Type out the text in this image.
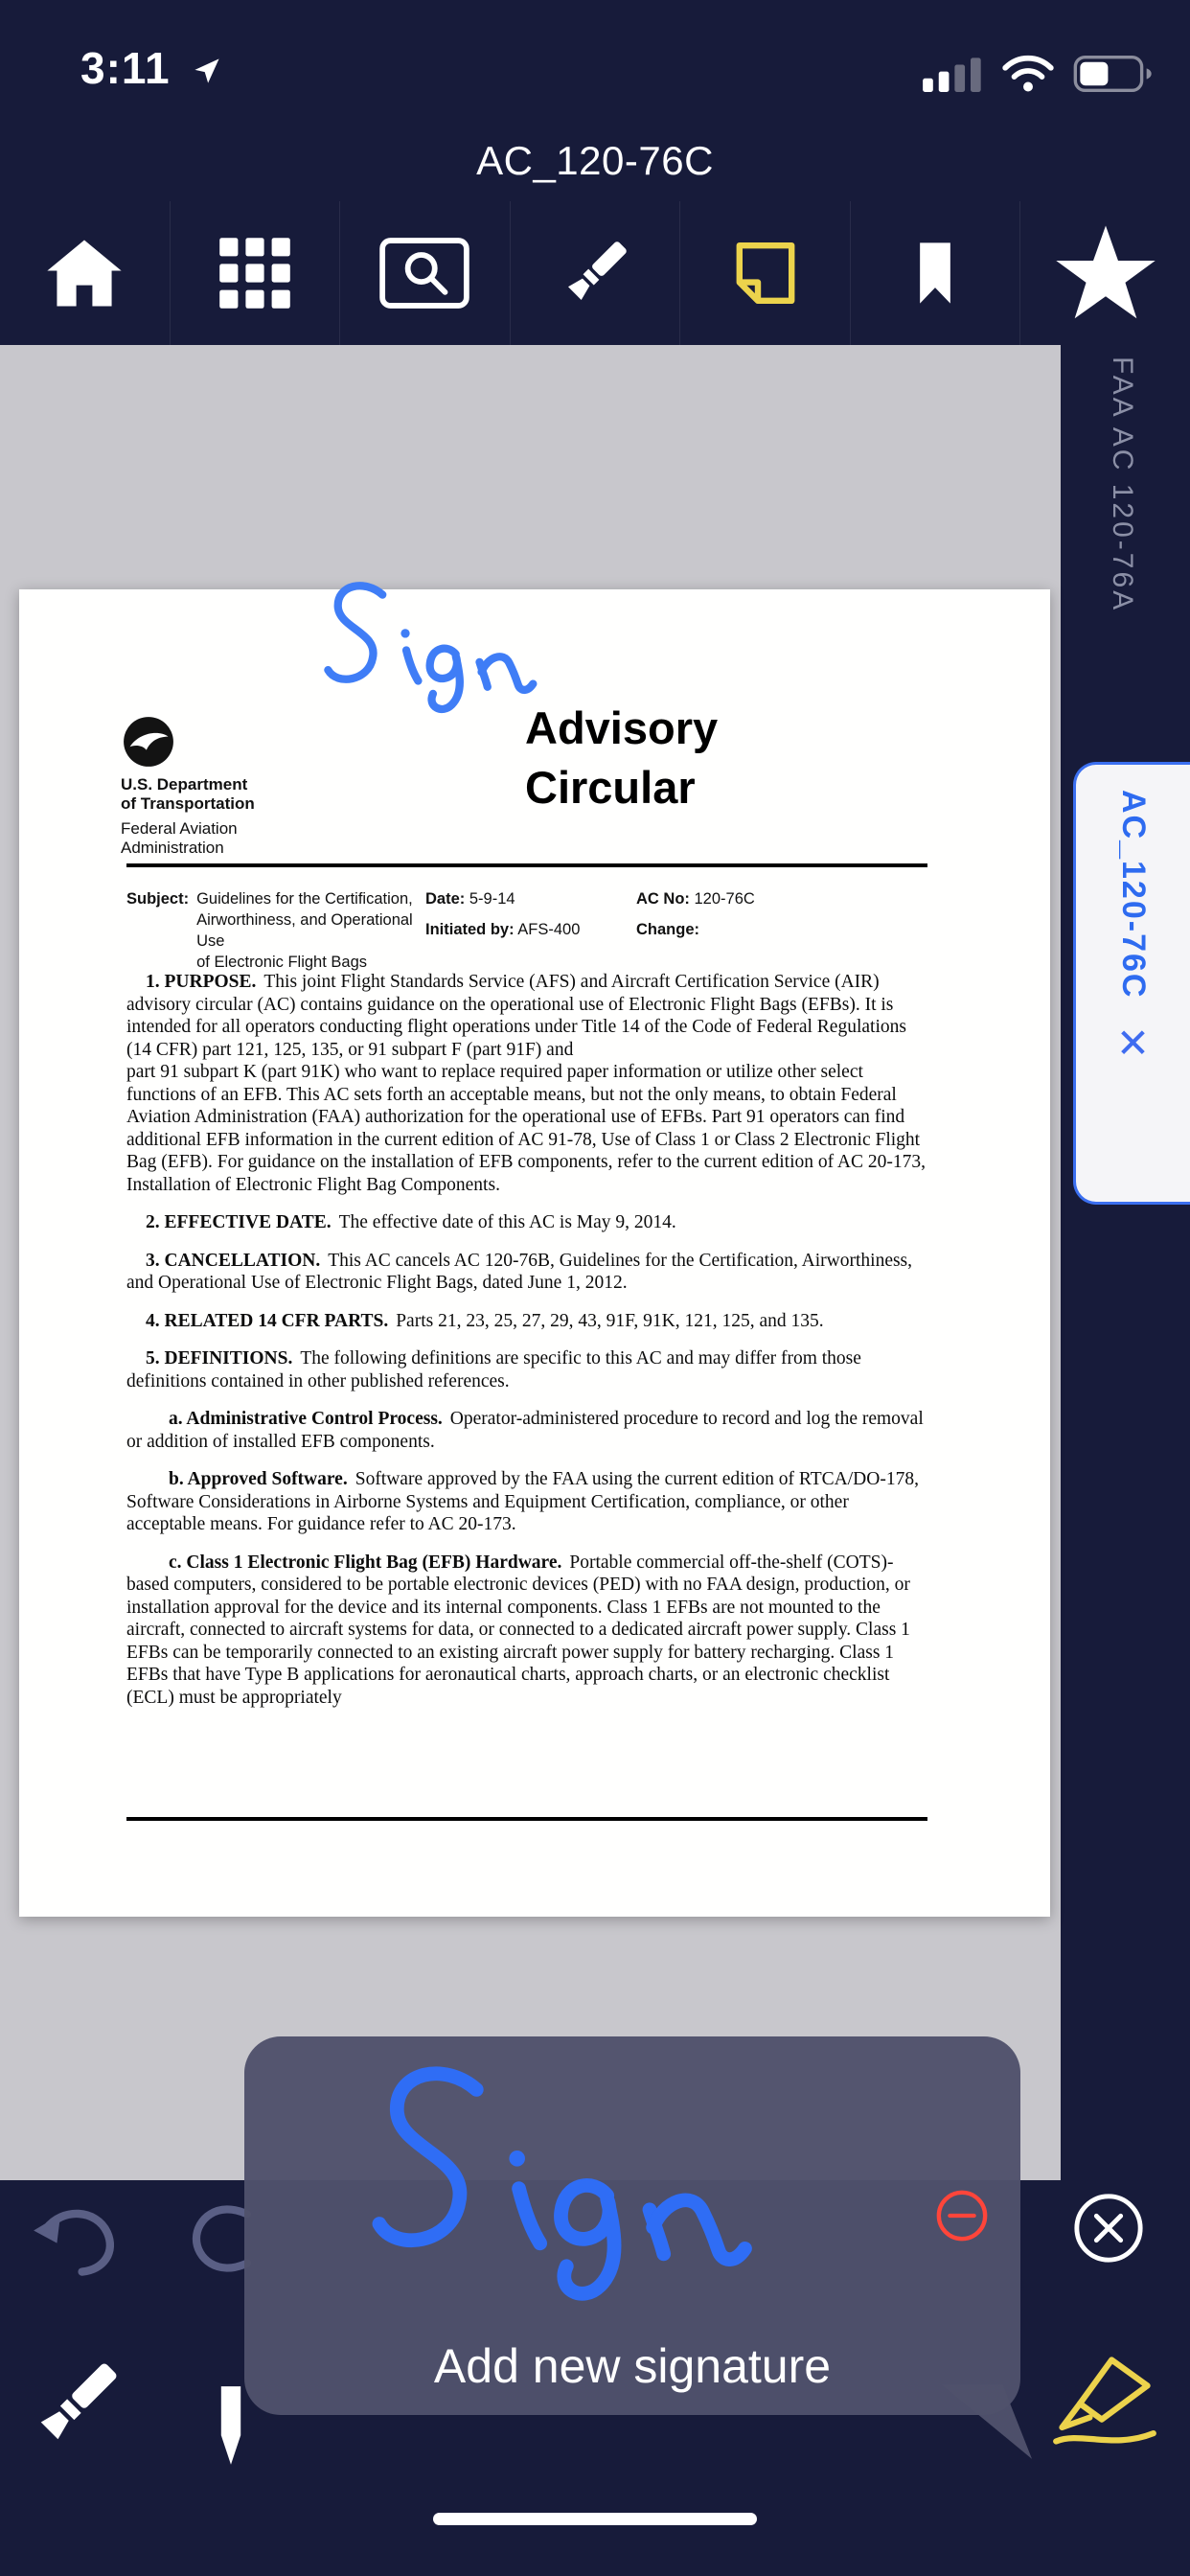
3:11
AC_120-76C
U.S. Department
of Transportation
Federal Aviation
Administration
Advisory
Circular
Subject: Guidelines for the Certification,
Airworthiness, and Operational Use
of Electronic Flight Bags
Date: 5-9-14
Initiated by: AFS-400
AC No: 120-76C
Change:

1. PURPOSE. This joint Flight Standards Service (AFS) and Aircraft Certification Service (AIR) advisory circular (AC) contains guidance on the operational use of Electronic Flight Bags (EFBs). It is intended for all operators conducting flight operations under Title 14 of the Code of Federal Regulations (14 CFR) part 121, 125, 135, or 91 subpart F (part 91F) and
part 91 subpart K (part 91K) who want to replace required paper information or utilize other select functions of an EFB. This AC sets forth an acceptable means, but not the only means, to obtain Federal Aviation Administration (FAA) authorization for the operational use of EFBs. Part 91 operators can find additional EFB information in the current edition of AC 91-78, Use of Class 1 or Class 2 Electronic Flight Bag (EFB). For guidance on the installation of EFB components, refer to the current edition of AC 20-173, Installation of Electronic Flight Bag Components.

2. EFFECTIVE DATE. The effective date of this AC is May 9, 2014.

3. CANCELLATION. This AC cancels AC 120-76B, Guidelines for the Certification, Airworthiness, and Operational Use of Electronic Flight Bags, dated June 1, 2012.

4. RELATED 14 CFR PARTS. Parts 21, 23, 25, 27, 29, 43, 91F, 91K, 121, 125, and 135.

5. DEFINITIONS. The following definitions are specific to this AC and may differ from those definitions contained in other published references.

a. Administrative Control Process. Operator-administered procedure to record and log the removal or addition of installed EFB components.

b. Approved Software. Software approved by the FAA using the current edition of RTCA/DO-178, Software Considerations in Airborne Systems and Equipment Certification, compliance, or other acceptable means. For guidance refer to AC 20-173.

c. Class 1 Electronic Flight Bag (EFB) Hardware. Portable commercial off-the-shelf (COTS)-based computers, considered to be portable electronic devices (PED) with no FAA design, production, or installation approval for the device and its internal components. Class 1 EFBs are not mounted to the aircraft, connected to aircraft systems for data, or connected to a dedicated aircraft power supply. Class 1 EFBs can be temporarily connected to an existing aircraft power supply for battery recharging. Class 1 EFBs that have Type B applications for aeronautical charts, approach charts, or an electronic checklist (ECL) must be appropriately

FAA AC 120-76A
AC_120-76C
✕
Add new signature
